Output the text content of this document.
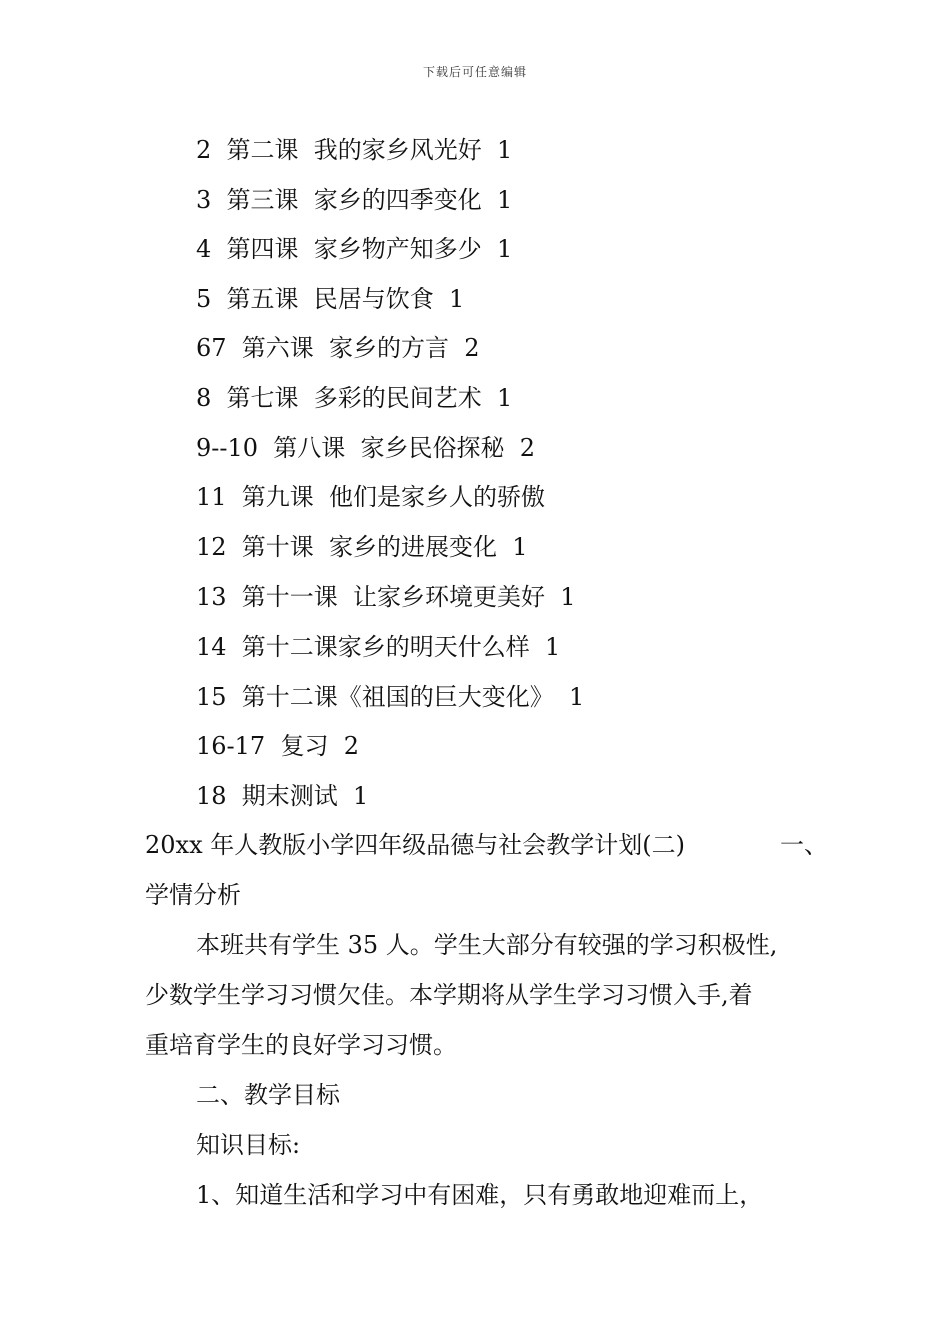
下载后可任意编辑
2  第二课  我的家乡风光好  1
3  第三课  家乡的四季变化  1
4  第四课  家乡物产知多少  1
5  第五课  民居与饮食  1
67  第六课  家乡的方言  2
8  第七课  多彩的民间艺术  1
9--10  第八课  家乡民俗探秘  2
11  第九课  他们是家乡人的骄傲
12  第十课  家乡的进展变化  1
13  第十一课  让家乡环境更美好  1
14  第十二课家乡的明天什么样  1
15  第十二课《祖国的巨大变化》  1
16-17  复习  2
18  期末测试  1
20xx 年人教版小学四年级品德与社会教学计划(二)	一、
学情分析
本班共有学生 35 人。学生大部分有较强的学习积极性,
少数学生学习习惯欠佳。本学期将从学生学习习惯入手,着
重培育学生的良好学习习惯。
二、教学目标
知识目标:
1、知道生活和学习中有困难，只有勇敢地迎难而上，
